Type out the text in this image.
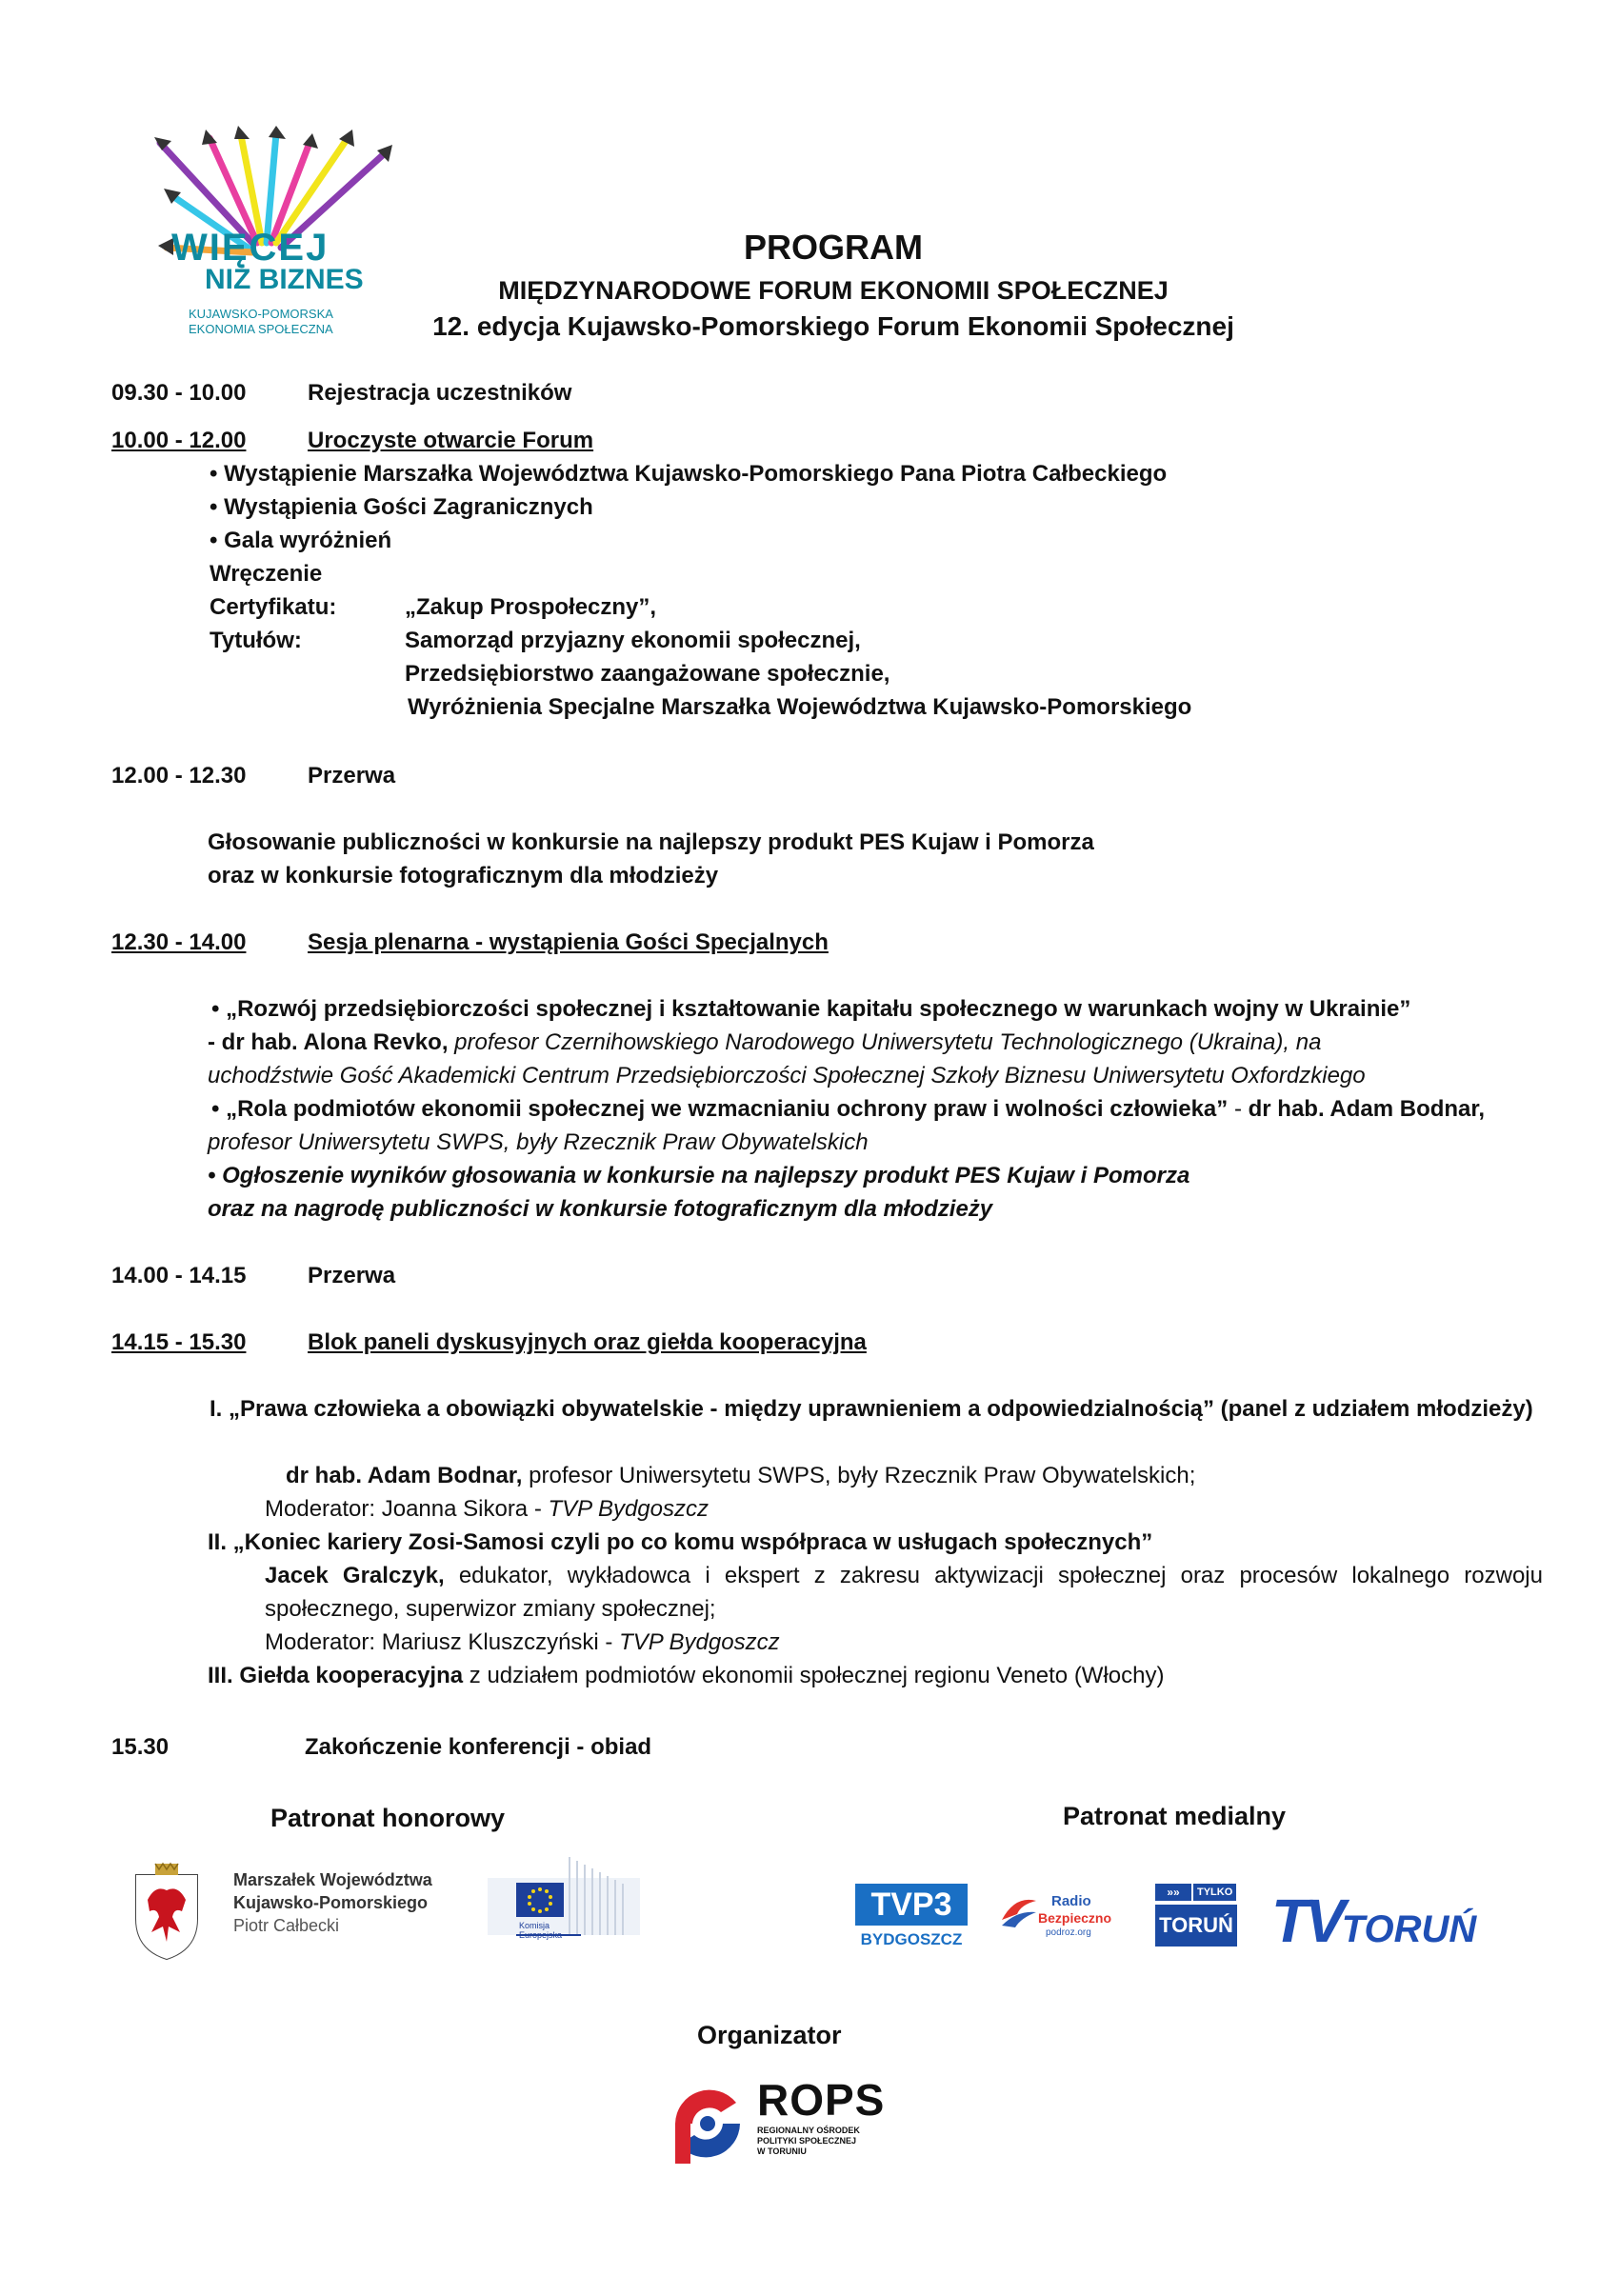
WIĘCEJ
NIŻ BIZNES
KUJAWSKO-POMORSKA
EKONOMIA SPOŁECZNA
PROGRAM
MIĘDZYNARODOWE FORUM EKONOMII SPOŁECZNEJ
12. edycja Kujawsko-Pomorskiego Forum Ekonomii Społecznej
09.30 - 10.00	Rejestracja uczestników
10.00 - 12.00	Uroczyste otwarcie Forum
• Wystąpienie Marszałka Województwa Kujawsko-Pomorskiego Pana Piotra Całbeckiego
• Wystąpienia Gości Zagranicznych
• Gala wyróżnień
Wręczenie
Certyfikatu:	„Zakup Prospołeczny”,
Tytułów:	Samorząd przyjazny ekonomii społecznej,
Przedsiębiorstwo zaangażowane społecznie,
Wyróżnienia Specjalne Marszałka Województwa Kujawsko-Pomorskiego
12.00 - 12.30	Przerwa
Głosowanie publiczności w konkursie na najlepszy produkt PES Kujaw i Pomorza
oraz w konkursie fotograficznym dla młodzieży
12.30 - 14.00	Sesja plenarna - wystąpienia Gości Specjalnych
• „Rozwój przedsiębiorczości społecznej i kształtowanie kapitału społecznego w warunkach wojny w Ukrainie”
- dr hab. Alona Revko, profesor Czernihowskiego Narodowego Uniwersytetu Technologicznego (Ukraina), na
uchodźstwie Gość Akademicki Centrum Przedsiębiorczości Społecznej Szkoły Biznesu Uniwersytetu Oxfordzkiego
• „Rola podmiotów ekonomii społecznej we wzmacnianiu ochrony praw i wolności człowieka” - dr hab. Adam Bodnar,
profesor Uniwersytetu SWPS, były Rzecznik Praw Obywatelskich
• Ogłoszenie wyników głosowania w konkursie na najlepszy produkt PES Kujaw i Pomorza
oraz na nagrodę publiczności w konkursie fotograficznym dla młodzieży
14.00 - 14.15	Przerwa
14.15 - 15.30	Blok paneli dyskusyjnych oraz giełda kooperacyjna
I. „Prawa człowieka a obowiązki obywatelskie - między uprawnieniem a odpowiedzialnością” (panel z udziałem młodzieży)
dr hab. Adam Bodnar, profesor Uniwersytetu SWPS, były Rzecznik Praw Obywatelskich;
Moderator: Joanna Sikora - TVP Bydgoszcz
II. „Koniec kariery Zosi-Samosi czyli po co komu współpraca w usługach społecznych”
Jacek Gralczyk, edukator, wykładowca i ekspert z zakresu aktywizacji społecznej oraz procesów lokalnego rozwoju społecznego, superwizor zmiany społecznej;
Moderator: Mariusz Kluszczyński - TVP Bydgoszcz
III. Giełda kooperacyjna z udziałem podmiotów ekonomii społecznej regionu Veneto (Włochy)
15.30	Zakończenie konferencji - obiad
Patronat honorowy	Patronat medialny
Marszałek Województwa
Kujawsko-Pomorskiego
Piotr Całbecki	Komisja
Europejska
TVP3
BYDGOSZCZ
Radio
Bezpieczno
podroz.org
TYLKO
»»
TORUŃ TVTORUŃ
Organizator
ROPS
REGIONALNY OŚRODEK
POLITYKI SPOŁECZNEJ
W TORUNIU
